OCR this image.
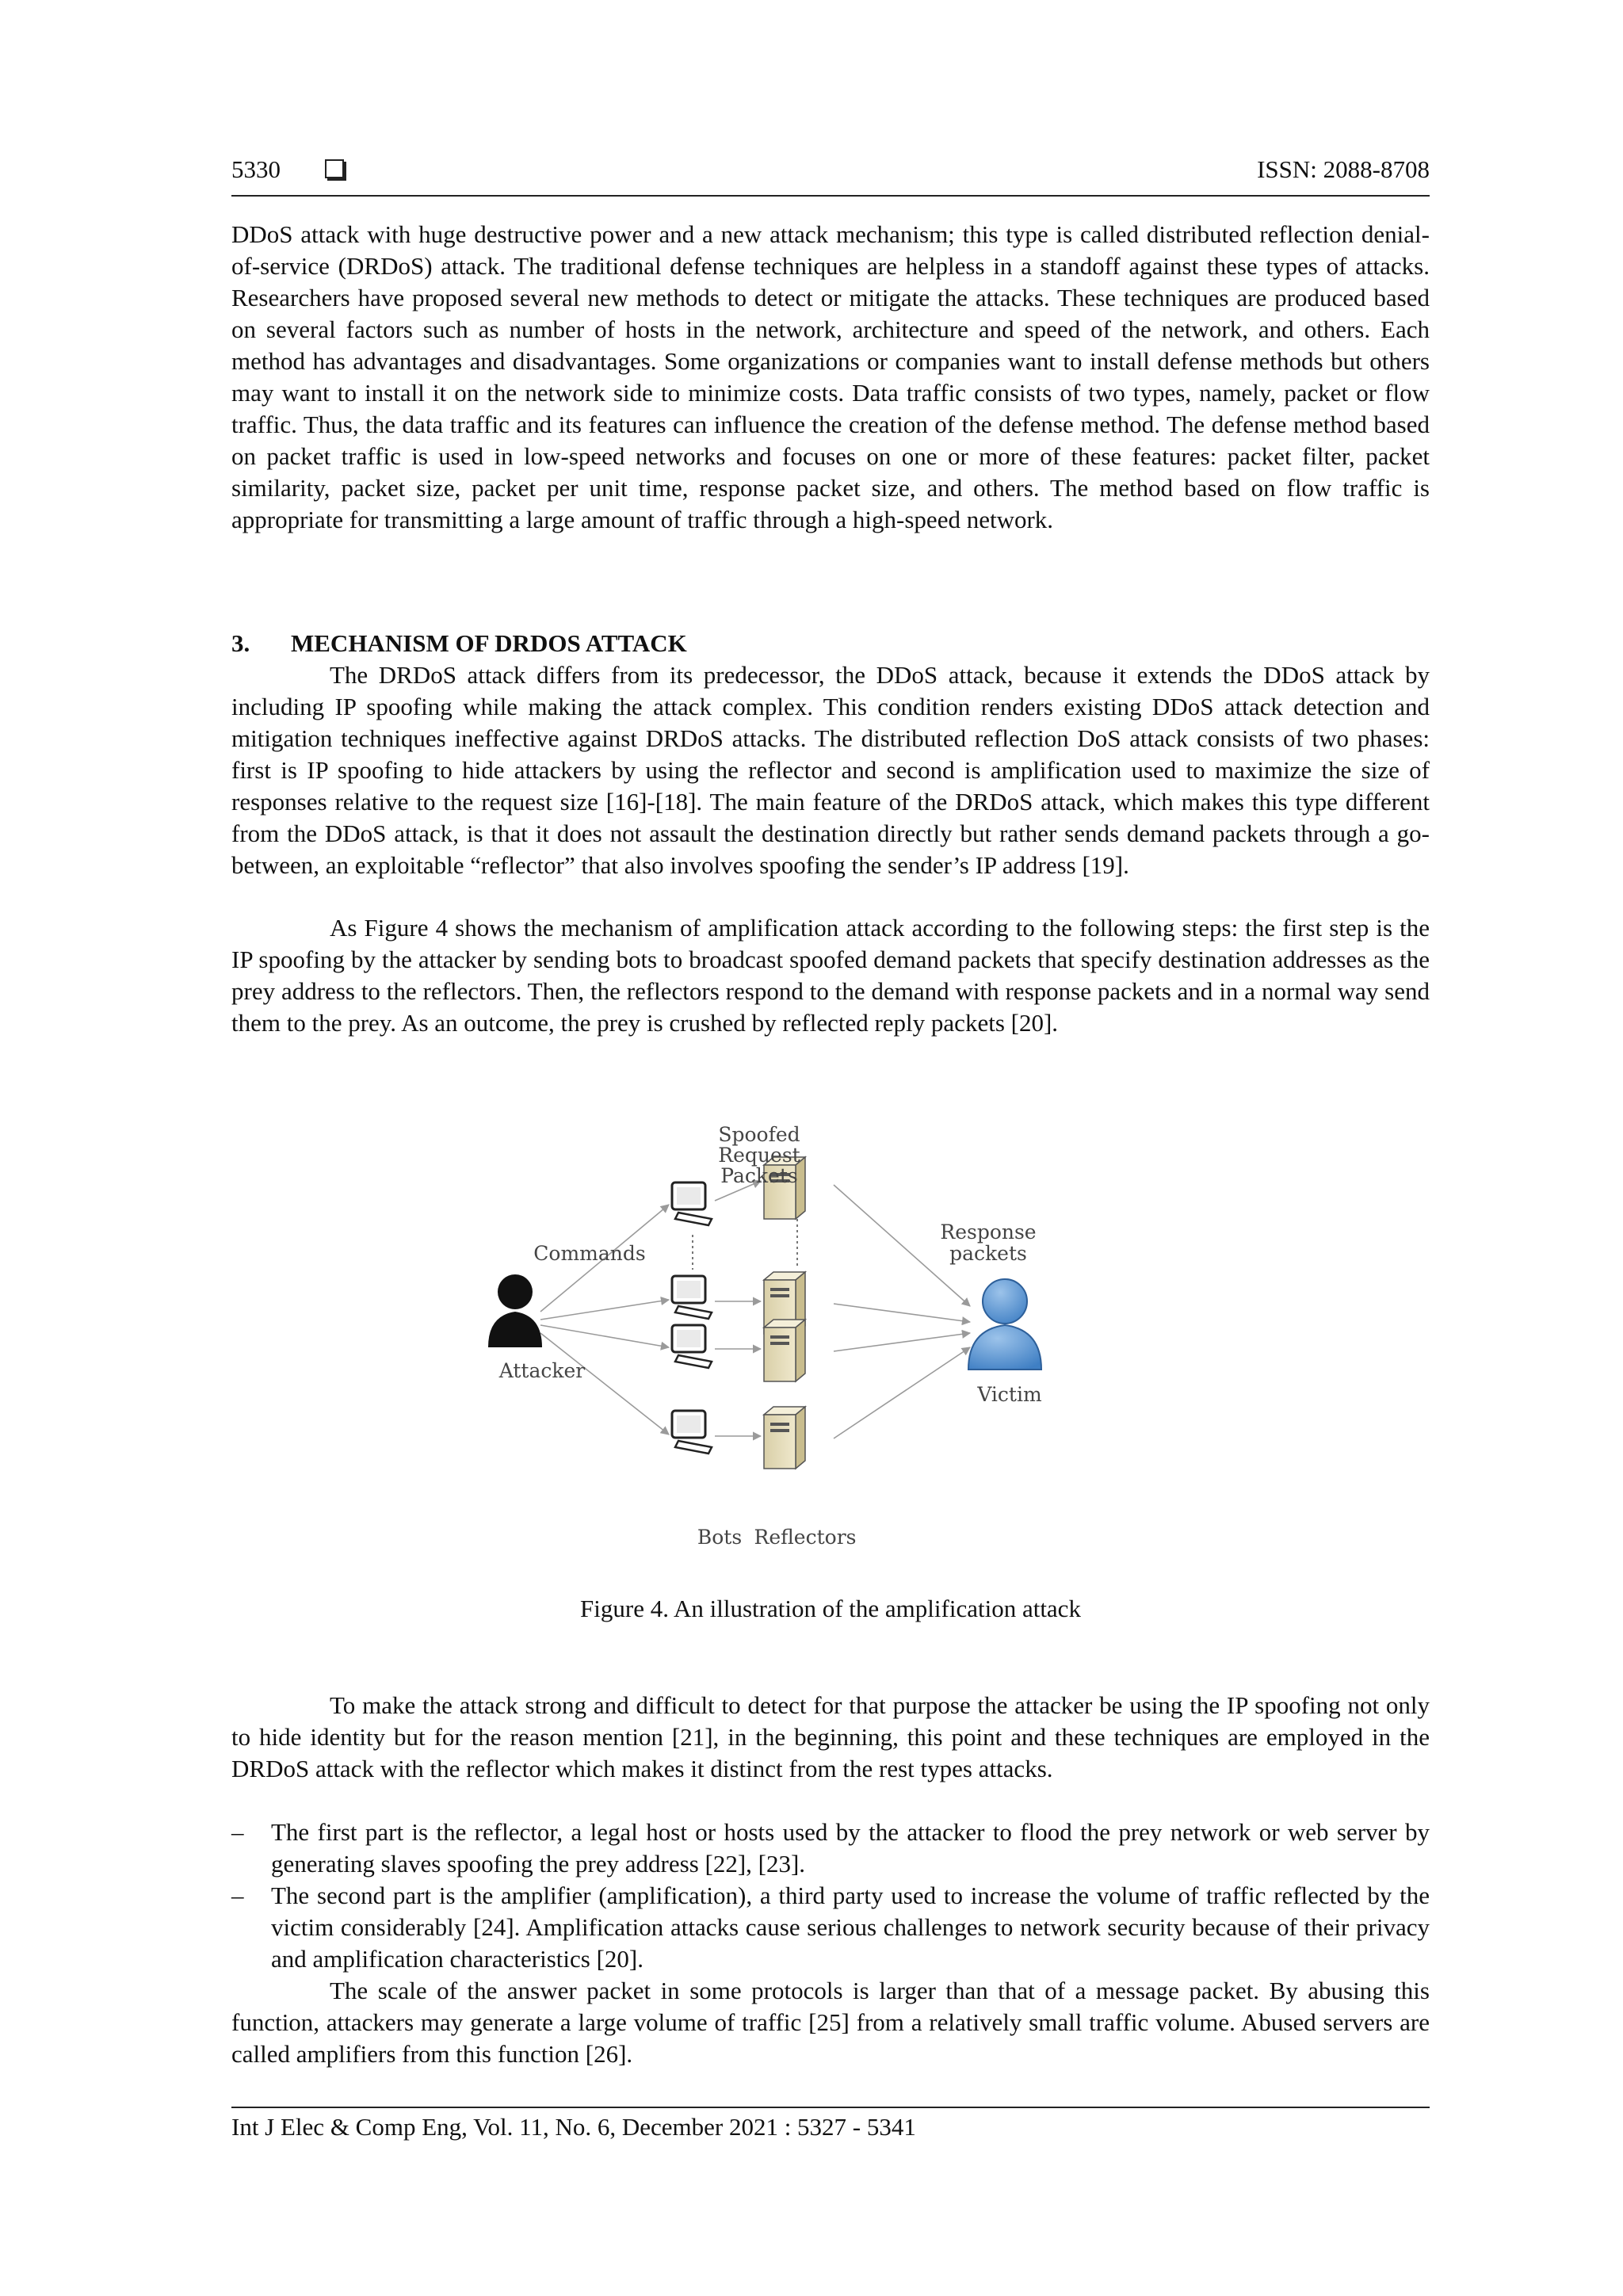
5330	ISSN: 2088-8708

DDoS attack with huge destructive power and a new attack mechanism; this type is called distributed reflection denial-of-service (DRDoS) attack. The traditional defense techniques are helpless in a standoff against these types of attacks. Researchers have proposed several new methods to detect or mitigate the attacks. These techniques are produced based on several factors such as number of hosts in the network, architecture and speed of the network, and others. Each method has advantages and disadvantages. Some organizations or companies want to install defense methods but others may want to install it on the network side to minimize costs. Data traffic consists of two types, namely, packet or flow traffic. Thus, the data traffic and its features can influence the creation of the defense method. The defense method based on packet traffic is used in low-speed networks and focuses on one or more of these features: packet filter, packet similarity, packet size, packet per unit time, response packet size, and others. The method based on flow traffic is appropriate for transmitting a large amount of traffic through a high-speed network.

3. MECHANISM OF DRDOS ATTACK

The DRDoS attack differs from its predecessor, the DDoS attack, because it extends the DDoS attack by including IP spoofing while making the attack complex. This condition renders existing DDoS attack detection and mitigation techniques ineffective against DRDoS attacks. The distributed reflection DoS attack consists of two phases: first is IP spoofing to hide attackers by using the reflector and second is amplification used to maximize the size of responses relative to the request size [16]-[18]. The main feature of the DRDoS attack, which makes this type different from the DDoS attack, is that it does not assault the destination directly but rather sends demand packets through a go-between, an exploitable “reflector” that also involves spoofing the sender’s IP address [19].

As Figure 4 shows the mechanism of amplification attack according to the following steps: the first step is the IP spoofing by the attacker by sending bots to broadcast spoofed demand packets that specify destination addresses as the prey address to the reflectors. Then, the reflectors respond to the demand with response packets and in a normal way send them to the prey. As an outcome, the prey is crushed by reflected reply packets [20].

Spoofed
Request
Packets
Commands
Response
packets
Attacker
Victim
Bots Reflectors
Figure 4. An illustration of the amplification attack

To make the attack strong and difficult to detect for that purpose the attacker be using the IP spoofing not only to hide identity but for the reason mention [21], in the beginning, this point and these techniques are employed in the DRDoS attack with the reflector which makes it distinct from the rest types attacks.

– The first part is the reflector, a legal host or hosts used by the attacker to flood the prey network or web server by generating slaves spoofing the prey address [22], [23].

– The second part is the amplifier (amplification), a third party used to increase the volume of traffic reflected by the victim considerably [24]. Amplification attacks cause serious challenges to network security because of their privacy and amplification characteristics [20].

The scale of the answer packet in some protocols is larger than that of a message packet. By abusing this function, attackers may generate a large volume of traffic [25] from a relatively small traffic volume. Abused servers are called amplifiers from this function [26].

Int J Elec & Comp Eng, Vol. 11, No. 6, December 2021 : 5327 - 5341
